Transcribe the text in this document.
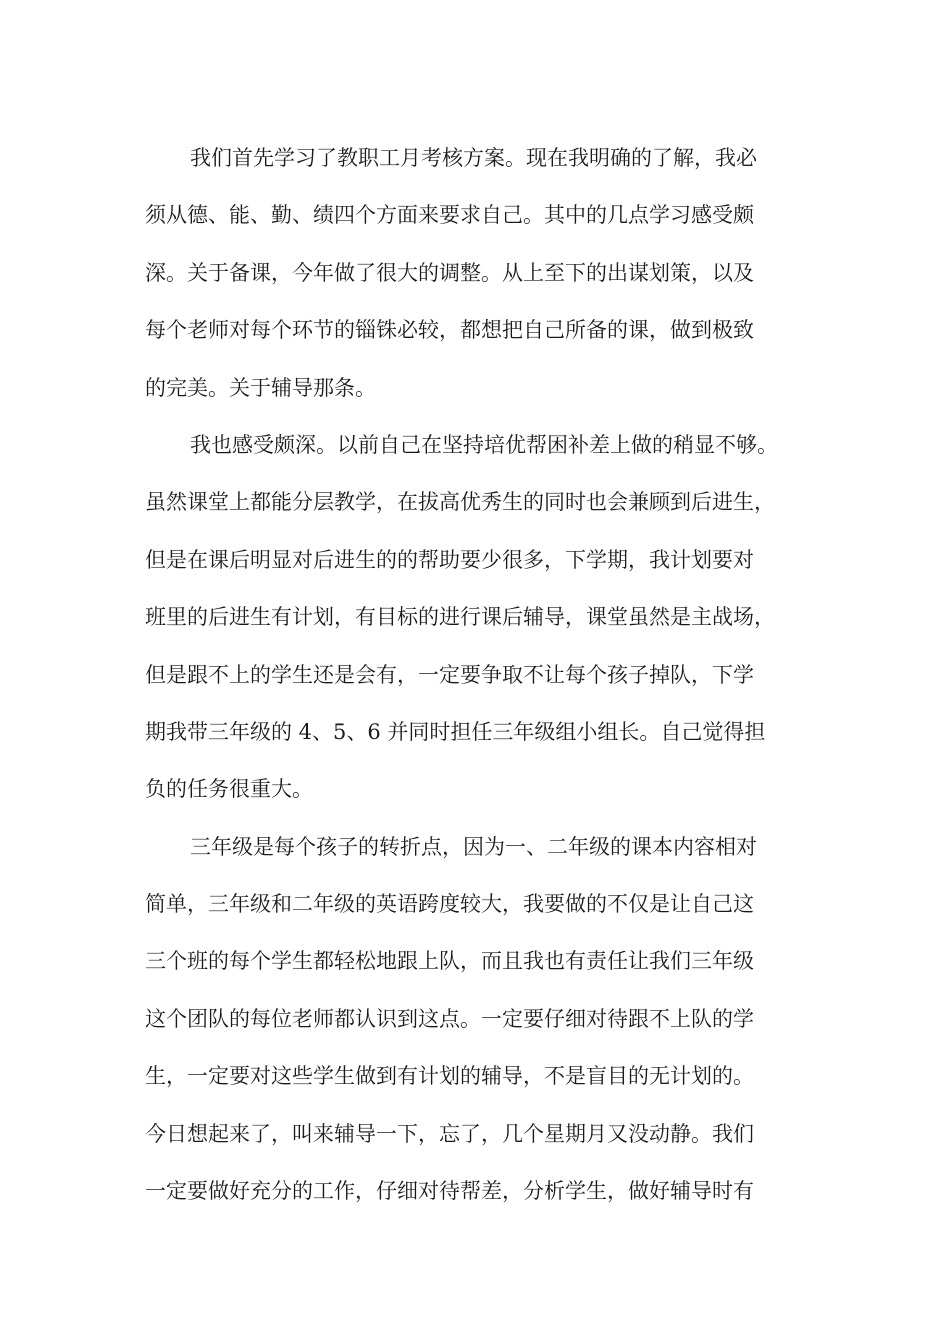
我们首先学习了教职工月考核方案。现在我明确的了解，我必
须从德、能、勤、绩四个方面来要求自己。其中的几点学习感受颇
深。关于备课，今年做了很大的调整。从上至下的出谋划策，以及
每个老师对每个环节的锱铢必较，都想把自己所备的课，做到极致
的完美。关于辅导那条。
我也感受颇深。以前自己在坚持培优帮困补差上做的稍显不够。
虽然课堂上都能分层教学，在拔高优秀生的同时也会兼顾到后进生，
但是在课后明显对后进生的的帮助要少很多，下学期，我计划要对
班里的后进生有计划，有目标的进行课后辅导，课堂虽然是主战场，
但是跟不上的学生还是会有，一定要争取不让每个孩子掉队，下学
期我带三年级的 4、5、6 并同时担任三年级组小组长。自己觉得担
负的任务很重大。
三年级是每个孩子的转折点，因为一、二年级的课本内容相对
简单，三年级和二年级的英语跨度较大，我要做的不仅是让自己这
三个班的每个学生都轻松地跟上队，而且我也有责任让我们三年级
这个团队的每位老师都认识到这点。一定要仔细对待跟不上队的学
生，一定要对这些学生做到有计划的辅导，不是盲目的无计划的。
今日想起来了，叫来辅导一下，忘了，几个星期月又没动静。我们
一定要做好充分的工作，仔细对待帮差，分析学生，做好辅导时有
